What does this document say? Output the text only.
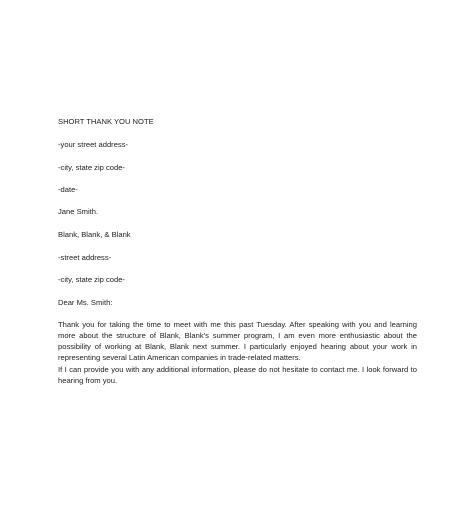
SHORT THANK YOU NOTE

-your street address-

-city, state zip code-

-date-

Jane Smith.

Blank, Blank, & Blank

-street address-

-city, state zip code-

Dear Ms. Smith:

Thank you for taking the time to meet with me this past Tuesday. After speaking with you and learning more about the structure of Blank, Blank's summer program, I am even more enthusiastic about the possibility of working at Blank, Blank next summer. I particularly enjoyed hearing about your work in representing several Latin American companies in trade-related matters.

If I can provide you with any additional information, please do not hesitate to contact me. I look forward to hearing from you.
